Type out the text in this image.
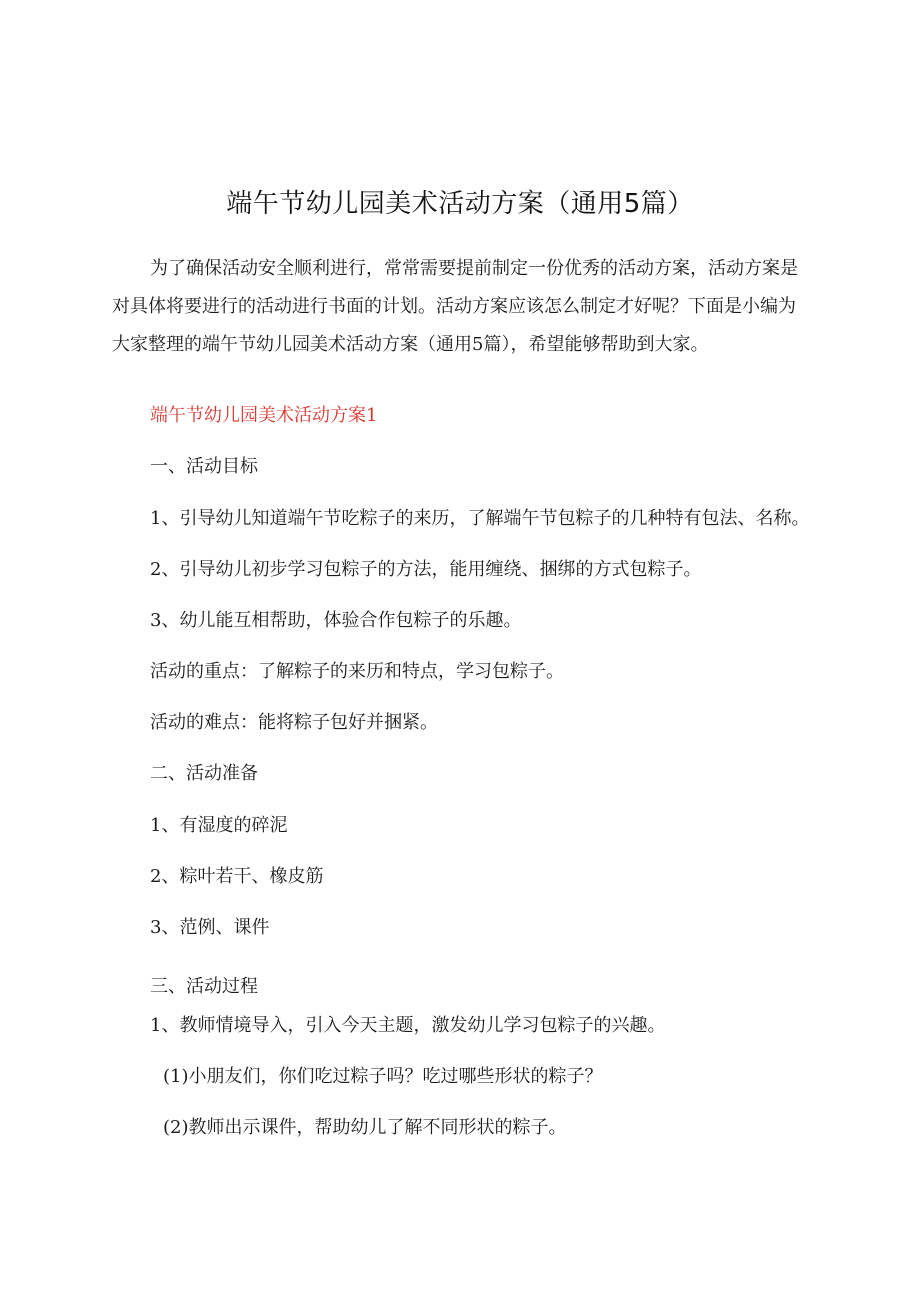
端午节幼儿园美术活动方案（通用5篇）
为了确保活动安全顺利进行，常常需要提前制定一份优秀的活动方案，活动方案是
对具体将要进行的活动进行书面的计划。活动方案应该怎么制定才好呢？下面是小编为
大家整理的端午节幼儿园美术活动方案（通用5篇），希望能够帮助到大家。
端午节幼儿园美术活动方案1
一、活动目标
1、引导幼儿知道端午节吃粽子的来历，了解端午节包粽子的几种特有包法、名称。
2、引导幼儿初步学习包粽子的方法，能用缠绕、捆绑的方式包粽子。
3、幼儿能互相帮助，体验合作包粽子的乐趣。
活动的重点：了解粽子的来历和特点，学习包粽子。
活动的难点：能将粽子包好并捆紧。
二、活动准备
1、有湿度的碎泥
2、粽叶若干、橡皮筋
3、范例、课件
三、活动过程
1、教师情境导入，引入今天主题，激发幼儿学习包粽子的兴趣。
(1)小朋友们，你们吃过粽子吗？吃过哪些形状的粽子？
(2)教师出示课件，帮助幼儿了解不同形状的粽子。
